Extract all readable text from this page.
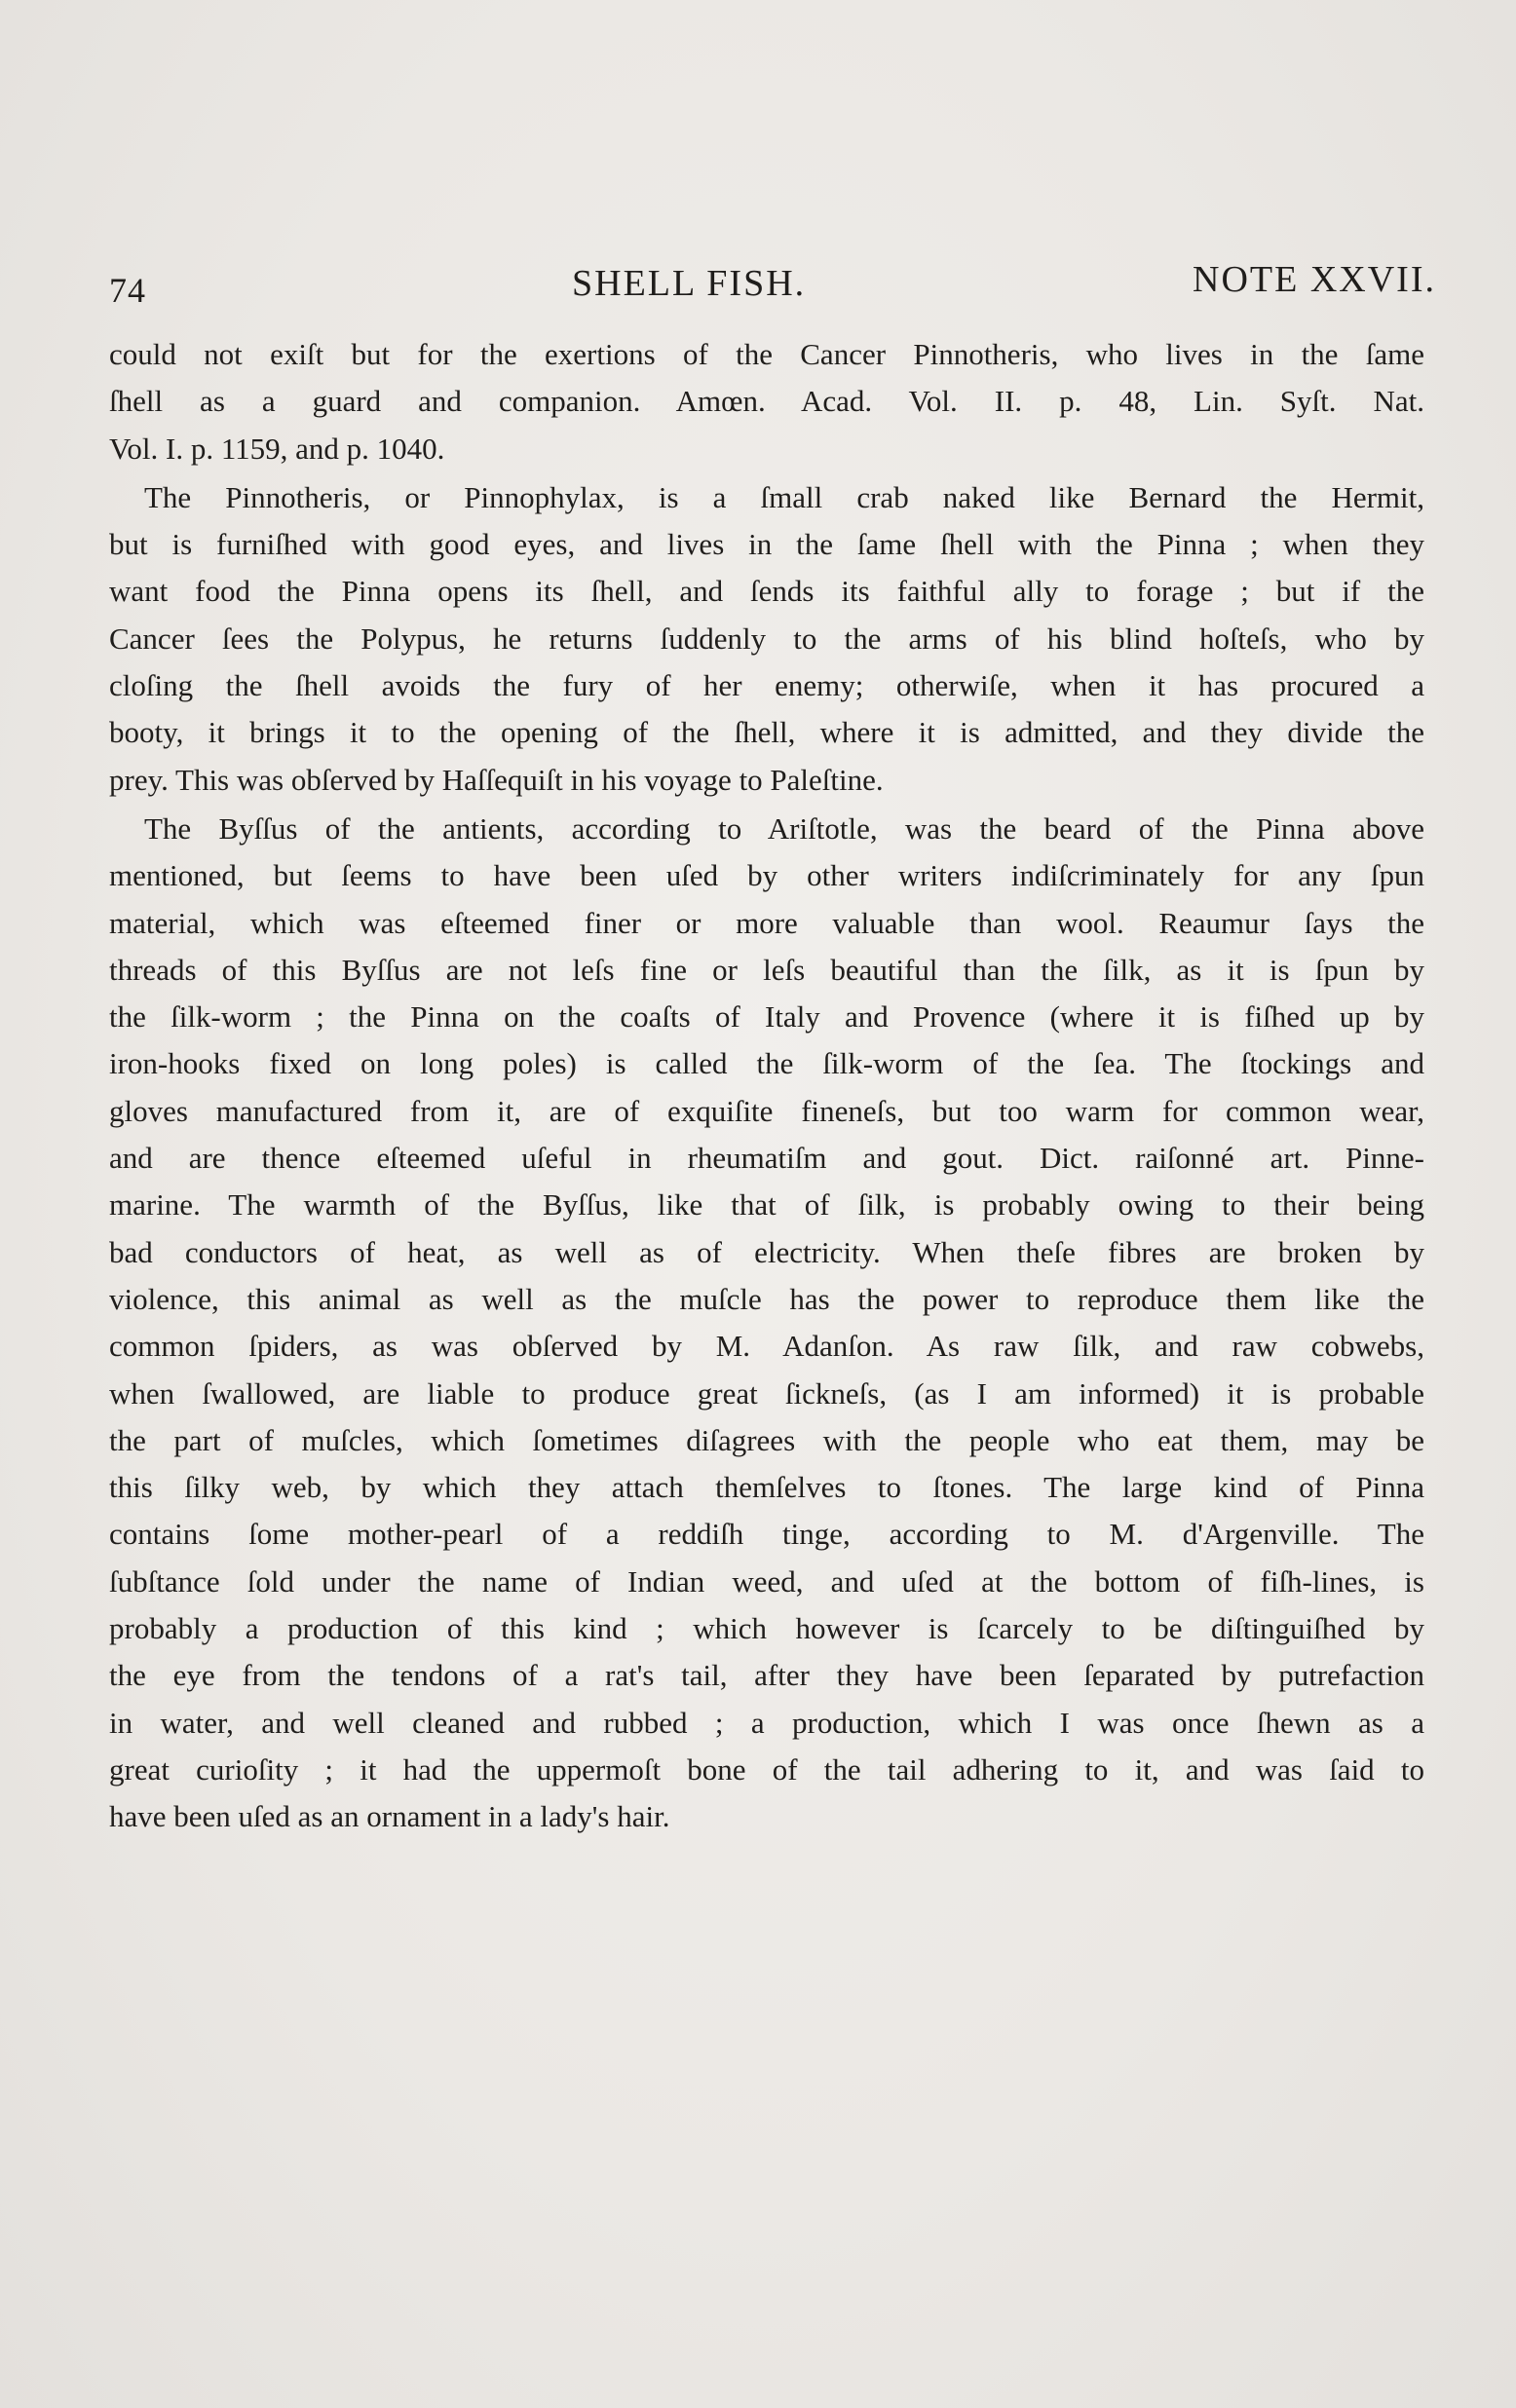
74	SHELL FISH.	NOTE XXVII.

could not exiſt but for the exertions of the Cancer Pinnotheris, who lives in the ſame
ſhell as a guard and companion. Amœn. Acad. Vol. II. p. 48, Lin. Syſt. Nat.
Vol. I. p. 1159, and p. 1040.

The Pinnotheris, or Pinnophylax, is a ſmall crab naked like Bernard the Hermit,
but is furniſhed with good eyes, and lives in the ſame ſhell with the Pinna ; when they
want food the Pinna opens its ſhell, and ſends its faithful ally to forage ; but if the
Cancer ſees the Polypus, he returns ſuddenly to the arms of his blind hoſteſs, who by
cloſing the ſhell avoids the fury of her enemy; otherwiſe, when it has procured a
booty, it brings it to the opening of the ſhell, where it is admitted, and they divide the
prey. This was obſerved by Haſſequiſt in his voyage to Paleſtine.

The Byſſus of the antients, according to Ariſtotle, was the beard of the Pinna above
mentioned, but ſeems to have been uſed by other writers indiſcriminately for any ſpun
material, which was eſteemed finer or more valuable than wool. Reaumur ſays the
threads of this Byſſus are not leſs fine or leſs beautiful than the ſilk, as it is ſpun by
the ſilk-worm ; the Pinna on the coaſts of Italy and Provence (where it is fiſhed up by
iron-hooks fixed on long poles) is called the ſilk-worm of the ſea. The ſtockings and
gloves manufactured from it, are of exquiſite fineneſs, but too warm for common wear,
and are thence eſteemed uſeful in rheumatiſm and gout. Dict. raiſonné art. Pinne-
marine. The warmth of the Byſſus, like that of ſilk, is probably owing to their being
bad conductors of heat, as well as of electricity. When theſe fibres are broken by
violence, this animal as well as the muſcle has the power to reproduce them like the
common ſpiders, as was obſerved by M. Adanſon. As raw ſilk, and raw cobwebs,
when ſwallowed, are liable to produce great ſickneſs, (as I am informed) it is probable
the part of muſcles, which ſometimes diſagrees with the people who eat them, may be
this ſilky web, by which they attach themſelves to ſtones. The large kind of Pinna
contains ſome mother-pearl of a reddiſh tinge, according to M. d'Argenville. The
ſubſtance ſold under the name of Indian weed, and uſed at the bottom of fiſh-lines, is
probably a production of this kind ; which however is ſcarcely to be diſtinguiſhed by
the eye from the tendons of a rat's tail, after they have been ſeparated by putrefaction
in water, and well cleaned and rubbed ; a production, which I was once ſhewn as a
great curioſity ; it had the uppermoſt bone of the tail adhering to it, and was ſaid to
have been uſed as an ornament in a lady's hair.
